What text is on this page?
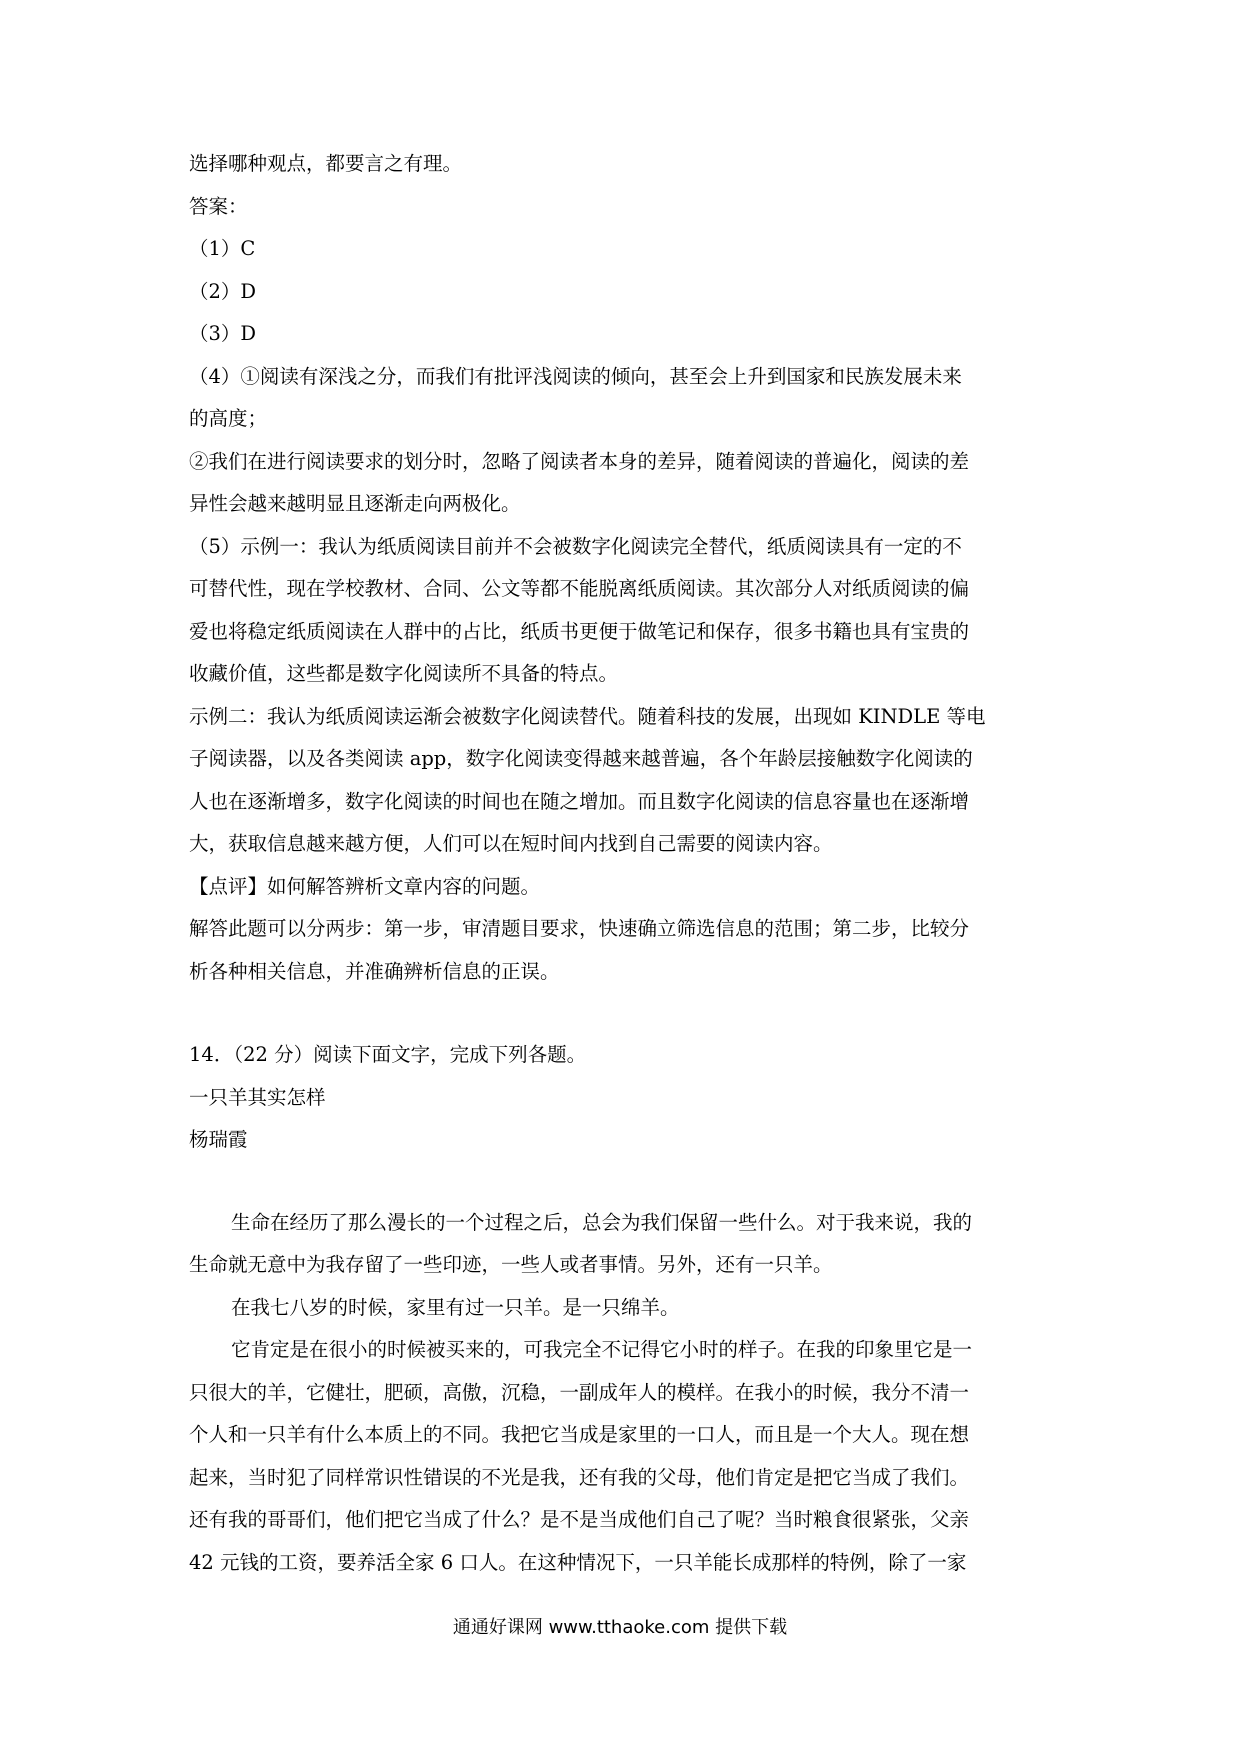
选择哪种观点，都要言之有理。
答案：
（1）C
（2）D
（3）D
（4）①阅读有深浅之分，而我们有批评浅阅读的倾向，甚至会上升到国家和民族发展未来
的高度；
②我们在进行阅读要求的划分时，忽略了阅读者本身的差异，随着阅读的普遍化，阅读的差
异性会越来越明显且逐渐走向两极化。
（5）示例一：我认为纸质阅读目前并不会被数字化阅读完全替代，纸质阅读具有一定的不
可替代性，现在学校教材、合同、公文等都不能脱离纸质阅读。其次部分人对纸质阅读的偏
爱也将稳定纸质阅读在人群中的占比，纸质书更便于做笔记和保存，很多书籍也具有宝贵的
收藏价值，这些都是数字化阅读所不具备的特点。
示例二：我认为纸质阅读运渐会被数字化阅读替代。随着科技的发展，出现如 KINDLE 等电
子阅读器，以及各类阅读 app，数字化阅读变得越来越普遍，各个年龄层接触数字化阅读的
人也在逐渐增多，数字化阅读的时间也在随之增加。而且数字化阅读的信息容量也在逐渐增
大，获取信息越来越方便，人们可以在短时间内找到自己需要的阅读内容。
【点评】如何解答辨析文章内容的问题。
解答此题可以分两步：第一步，审清题目要求，快速确立筛选信息的范围；第二步，比较分
析各种相关信息，并准确辨析信息的正误。
14．（22 分）阅读下面文字，完成下列各题。
一只羊其实怎样
杨瑞霞
生命在经历了那么漫长的一个过程之后，总会为我们保留一些什么。对于我来说，我的
生命就无意中为我存留了一些印迹，一些人或者事情。另外，还有一只羊。
在我七八岁的时候，家里有过一只羊。是一只绵羊。
它肯定是在很小的时候被买来的，可我完全不记得它小时的样子。在我的印象里它是一
只很大的羊，它健壮，肥硕，高傲，沉稳，一副成年人的模样。在我小的时候，我分不清一
个人和一只羊有什么本质上的不同。我把它当成是家里的一口人，而且是一个大人。现在想
起来，当时犯了同样常识性错误的不光是我，还有我的父母，他们肯定是把它当成了我们。
还有我的哥哥们，他们把它当成了什么？是不是当成他们自己了呢？当时粮食很紧张，父亲
42 元钱的工资，要养活全家 6 口人。在这种情况下，一只羊能长成那样的特例，除了一家
通通好课网 www.tthaoke.com 提供下载
